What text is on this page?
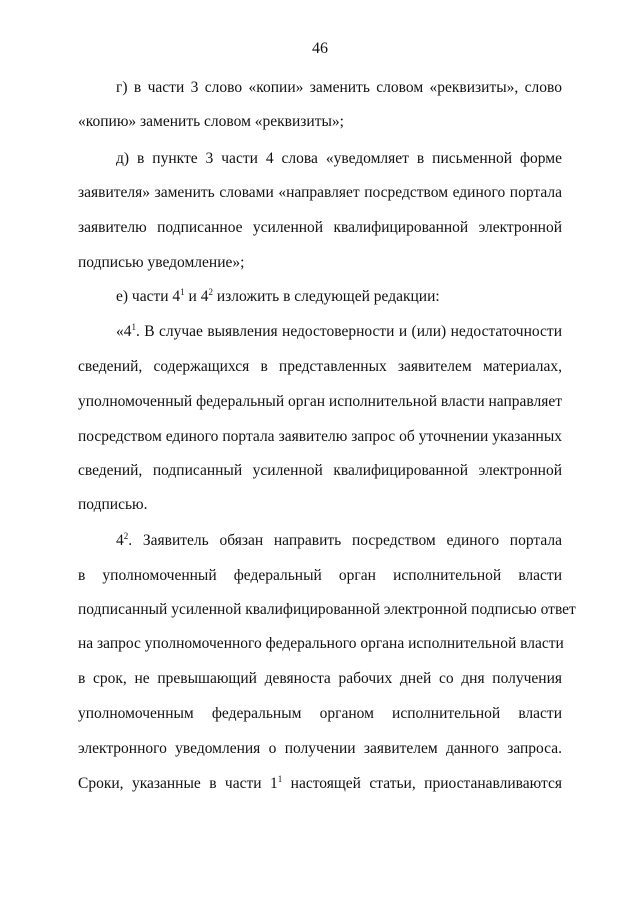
46
г) в части 3 слово «копии» заменить словом «реквизиты», слово
«копию» заменить словом «реквизиты»;
д) в пункте 3 части 4 слова «уведомляет в письменной форме
заявителя» заменить словами «направляет посредством единого портала
заявителю подписанное усиленной квалифицированной электронной
подписью уведомление»;
е) части $4^1$ и $4^2$ изложить в следующей редакции:
«$4^1$. В случае выявления недостоверности и (или) недостаточности
сведений, содержащихся в представленных заявителем материалах,
уполномоченный федеральный орган исполнительной власти направляет
посредством единого портала заявителю запрос об уточнении указанных
сведений, подписанный усиленной квалифицированной электронной
подписью.
$4^2$. Заявитель обязан направить посредством единого портала
в уполномоченный федеральный орган исполнительной власти
подписанный усиленной квалифицированной электронной подписью ответ
на запрос уполномоченного федерального органа исполнительной власти
в срок, не превышающий девяноста рабочих дней со дня получения
уполномоченным федеральным органом исполнительной власти
электронного уведомления о получении заявителем данного запроса.
Сроки, указанные в части $1^1$ настоящей статьи, приостанавливаются
